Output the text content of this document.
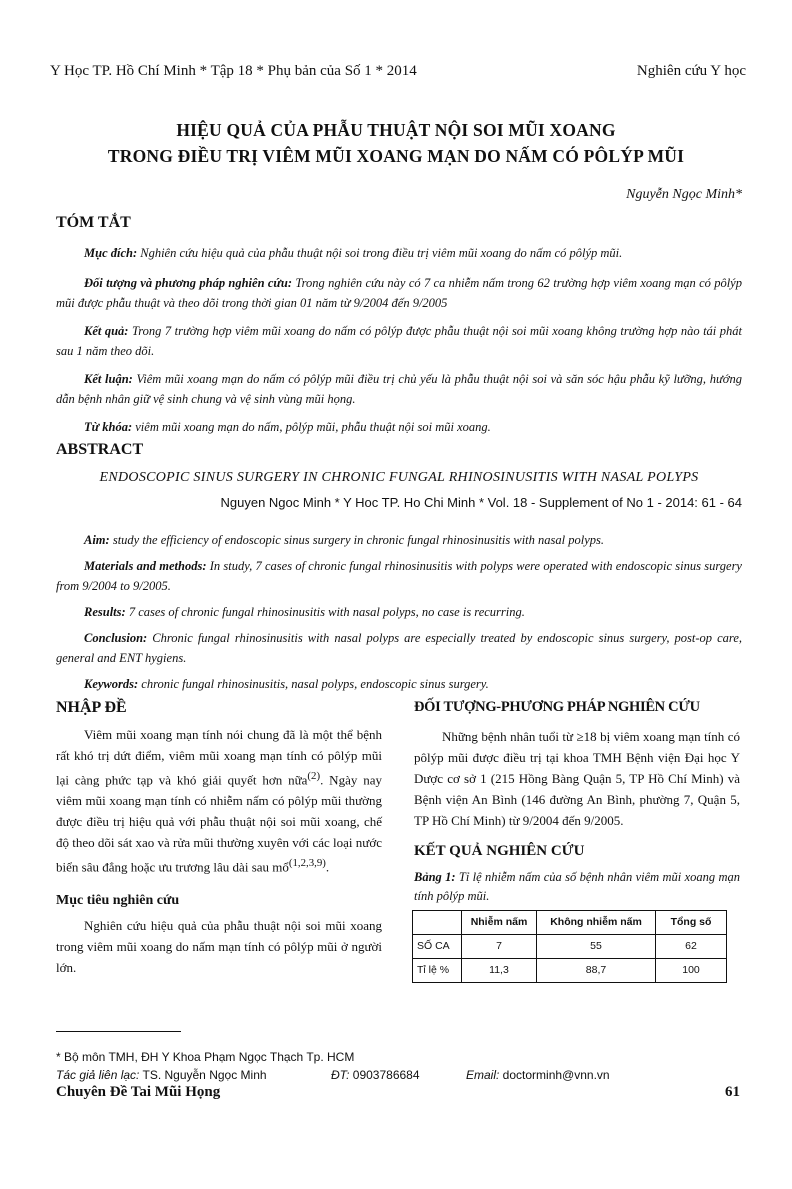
Y Học TP. Hồ Chí Minh * Tập 18 * Phụ bản của Số 1 * 2014	Nghiên cứu Y học
HIỆU QUẢ CỦA PHẪU THUẬT NỘI SOI MŨI XOANG
TRONG ĐIỀU TRỊ VIÊM MŨI XOANG MẠN DO NẤM CÓ PÔLÝP MŨI
Nguyễn Ngọc Minh*
TÓM TẮT
Mục đích: Nghiên cứu hiệu quả của phẫu thuật nội soi trong điều trị viêm mũi xoang do nấm có pôlýp mũi.
Đối tượng và phương pháp nghiên cứu: Trong nghiên cứu này có 7 ca nhiễm nấm trong 62 trường hợp viêm xoang mạn có pôlýp mũi được phẫu thuật và theo dõi trong thời gian 01 năm từ 9/2004 đến 9/2005
Kết quả: Trong 7 trường hợp viêm mũi xoang do nấm có pôlýp được phẫu thuật nội soi mũi xoang không trường hợp nào tái phát sau 1 năm theo dõi.
Kết luận: Viêm mũi xoang mạn do nấm có pôlýp mũi điều trị chủ yếu là phẫu thuật nội soi và săn sóc hậu phẫu kỹ lưỡng, hướng dẫn bệnh nhân giữ vệ sinh chung và vệ sinh vùng mũi họng.
Từ khóa: viêm mũi xoang mạn do nấm, pôlýp mũi, phẫu thuật nội soi mũi xoang.
ABSTRACT
ENDOSCOPIC SINUS SURGERY IN CHRONIC FUNGAL RHINOSINUSITIS WITH NASAL POLYPS
Nguyen Ngoc Minh * Y Hoc TP. Ho Chi Minh * Vol. 18 - Supplement of No 1 - 2014: 61 - 64
Aim: study the efficiency of endoscopic sinus surgery in chronic fungal rhinosinusitis with nasal polyps.
Materials and methods: In study, 7 cases of chronic fungal rhinosinusitis with polyps were operated with endoscopic sinus surgery from 9/2004 to 9/2005.
Results: 7 cases of chronic fungal rhinosinusitis with nasal polyps, no case is recurring.
Conclusion: Chronic fungal rhinosinusitis with nasal polyps are especially treated by endoscopic sinus surgery, post-op care, general and ENT hygiens.
Keywords: chronic fungal rhinosinusitis, nasal polyps, endoscopic sinus surgery.
NHẬP ĐỀ

Viêm mũi xoang mạn tính nói chung đã là một thể bệnh rất khó trị dứt điểm, viêm mũi xoang mạn tính có pôlýp mũi lại càng phức tạp và khó giải quyết hơn nữa$^{(2)}$. Ngày nay viêm mũi xoang mạn tính có nhiễm nấm có pôlýp mũi thường được điều trị hiệu quả với phẫu thuật nội soi mũi xoang, chế độ theo dõi sát xao và rửa mũi thường xuyên với các loại nước biển sâu đẳng hoặc ưu trương lâu dài sau mổ$^{(1,2,3,9)}$.

Mục tiêu nghiên cứu

Nghiên cứu hiệu quả của phẫu thuật nội soi mũi xoang trong viêm mũi xoang do nấm mạn tính có pôlýp mũi ở người lớn.

ĐỐI TƯỢNG-PHƯƠNG PHÁP NGHIÊN CỨU

Những bệnh nhân tuổi từ ≥18 bị viêm xoang mạn tính có pôlýp mũi được điều trị tại khoa TMH Bệnh viện Đại học Y Dược cơ sở 1 (215 Hồng Bàng Quận 5, TP Hồ Chí Minh) và Bệnh viện An Bình (146 đường An Bình, phường 7, Quận 5, TP Hồ Chí Minh) từ 9/2004 đến 9/2005.

KẾT QUẢ NGHIÊN CỨU
Bảng 1: Tỉ lệ nhiễm nấm của số bệnh nhân viêm mũi xoang mạn tính pôlýp mũi.
	Nhiễm nấm	Không nhiễm nấm	Tổng số
SỐ CA	7	55	62
Tỉ lệ %	11,3	88,7	100
* Bộ môn TMH, ĐH Y Khoa Phạm Ngọc Thạch Tp. HCM
Tác giả liên lạc: TS. Nguyễn Ngọc Minh	ĐT: 0903786684	Email: doctorminh@vnn.vn
Chuyên Đề Tai Mũi Họng	61
